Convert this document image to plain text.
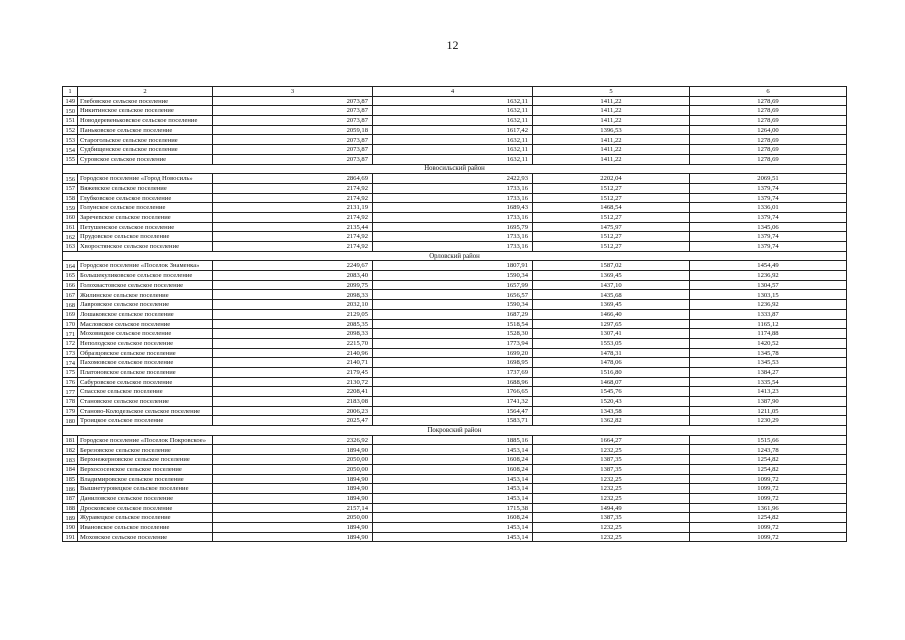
12
1	2	3	4	5	6
149	Глебовское сельское поселение	2073,87	1632,11	1411,22	1278,69
150	Никитинское сельское поселение	2073,87	1632,11	1411,22	1278,69
151	Новодеревеньковское сельское поселение	2073,87	1632,11	1411,22	1278,69
152	Паньковское сельское поселение	2059,18	1617,42	1396,53	1264,00
153	Старогольское сельское поселение	2073,87	1632,11	1411,22	1278,69
154	Судбищенское сельское поселение	2073,87	1632,11	1411,22	1278,69
155	Суровское сельское поселение	2073,87	1632,11	1411,22	1278,69
Новосильский район					
156	Городское поселение «Город Новосиль»	2864,69	2422,93	2202,04	2069,51
157	Вяжевское сельское поселение	2174,92	1733,16	1512,27	1379,74
158	Глубковское сельское поселение	2174,92	1733,16	1512,27	1379,74
159	Голунское сельское поселение	2131,19	1689,43	1468,54	1336,01
160	Заречenское сельское поселение	2174,92	1733,16	1512,27	1379,74
161	Петушенское сельское поселение	2135,44	1695,79	1475,97	1345,06
162	Прудовское сельское поселение	2174,92	1733,16	1512,27	1379,74
163	Хворостянское сельское поселение	2174,92	1733,16	1512,27	1379,74
Орловский район					
164	Городское поселение «Поселок Знаменка»	2249,67	1807,91	1587,02	1454,49
165	Большекуликовское сельское поселение	2083,40	1590,34	1369,45	1236,92
166	Голохвастовское сельское поселение	2099,75	1657,99	1437,10	1304,57
167	Жилинское сельское поселение	2098,33	1656,57	1435,68	1303,15
168	Лавровское сельское поселение	2032,10	1590,34	1369,45	1236,92
169	Лошаковское сельское поселение	2129,05	1687,29	1466,40	1333,87
170	Масловское сельское поселение	2085,35	1518,54	1297,65	1165,12
171	Моховицкое сельское поселение	2098,33	1528,30	1307,41	1174,88
172	Неполодское сельское поселение	2215,70	1773,94	1553,05	1420,52
173	Образцовское сельское поселение	2140,96	1699,20	1478,31	1345,78
174	Пахомовское сельское поселение	2140,71	1698,95	1478,06	1345,53
175	Платоновское сельское поселение	2179,45	1737,69	1516,80	1384,27
176	Сабуровское сельское поселение	2130,72	1688,96	1468,07	1335,54
177	Спасское сельское поселение	2208,41	1766,65	1545,76	1413,23
178	Становское сельское поселение	2183,08	1741,32	1520,43	1387,90
179	Станово-Колодезьское сельское поселение	2006,23	1564,47	1343,58	1211,05
180	Троицкое сельское поселение	2025,47	1583,71	1362,82	1230,29
Покровский район					
181	Городское поселение «Поселок Покровское»	2326,92	1885,16	1664,27	1515,66
182	Березовское сельское поселение	1894,90	1453,14	1232,25	1243,78
183	Верхнежерновское сельское поселение	2050,00	1608,24	1387,35	1254,82
184	Верхососенское сельское поселение	2050,00	1608,24	1387,35	1254,82
185	Владимировское сельское поселение	1894,90	1453,14	1232,25	1099,72
186	Вышнетуровецкое сельское поселение	1894,90	1453,14	1232,25	1099,72
187	Даниловское сельское поселение	1894,90	1453,14	1232,25	1099,72
188	Дросковское сельское поселение	2157,14	1715,38	1494,49	1361,96
189	Журавецкое сельское поселение	2050,00	1608,24	1387,35	1254,82
190	Ивановское сельское поселение	1894,90	1453,14	1232,25	1099,72
191	Моховское сельское поселение	1894,90	1453,14	1232,25	1099,72
